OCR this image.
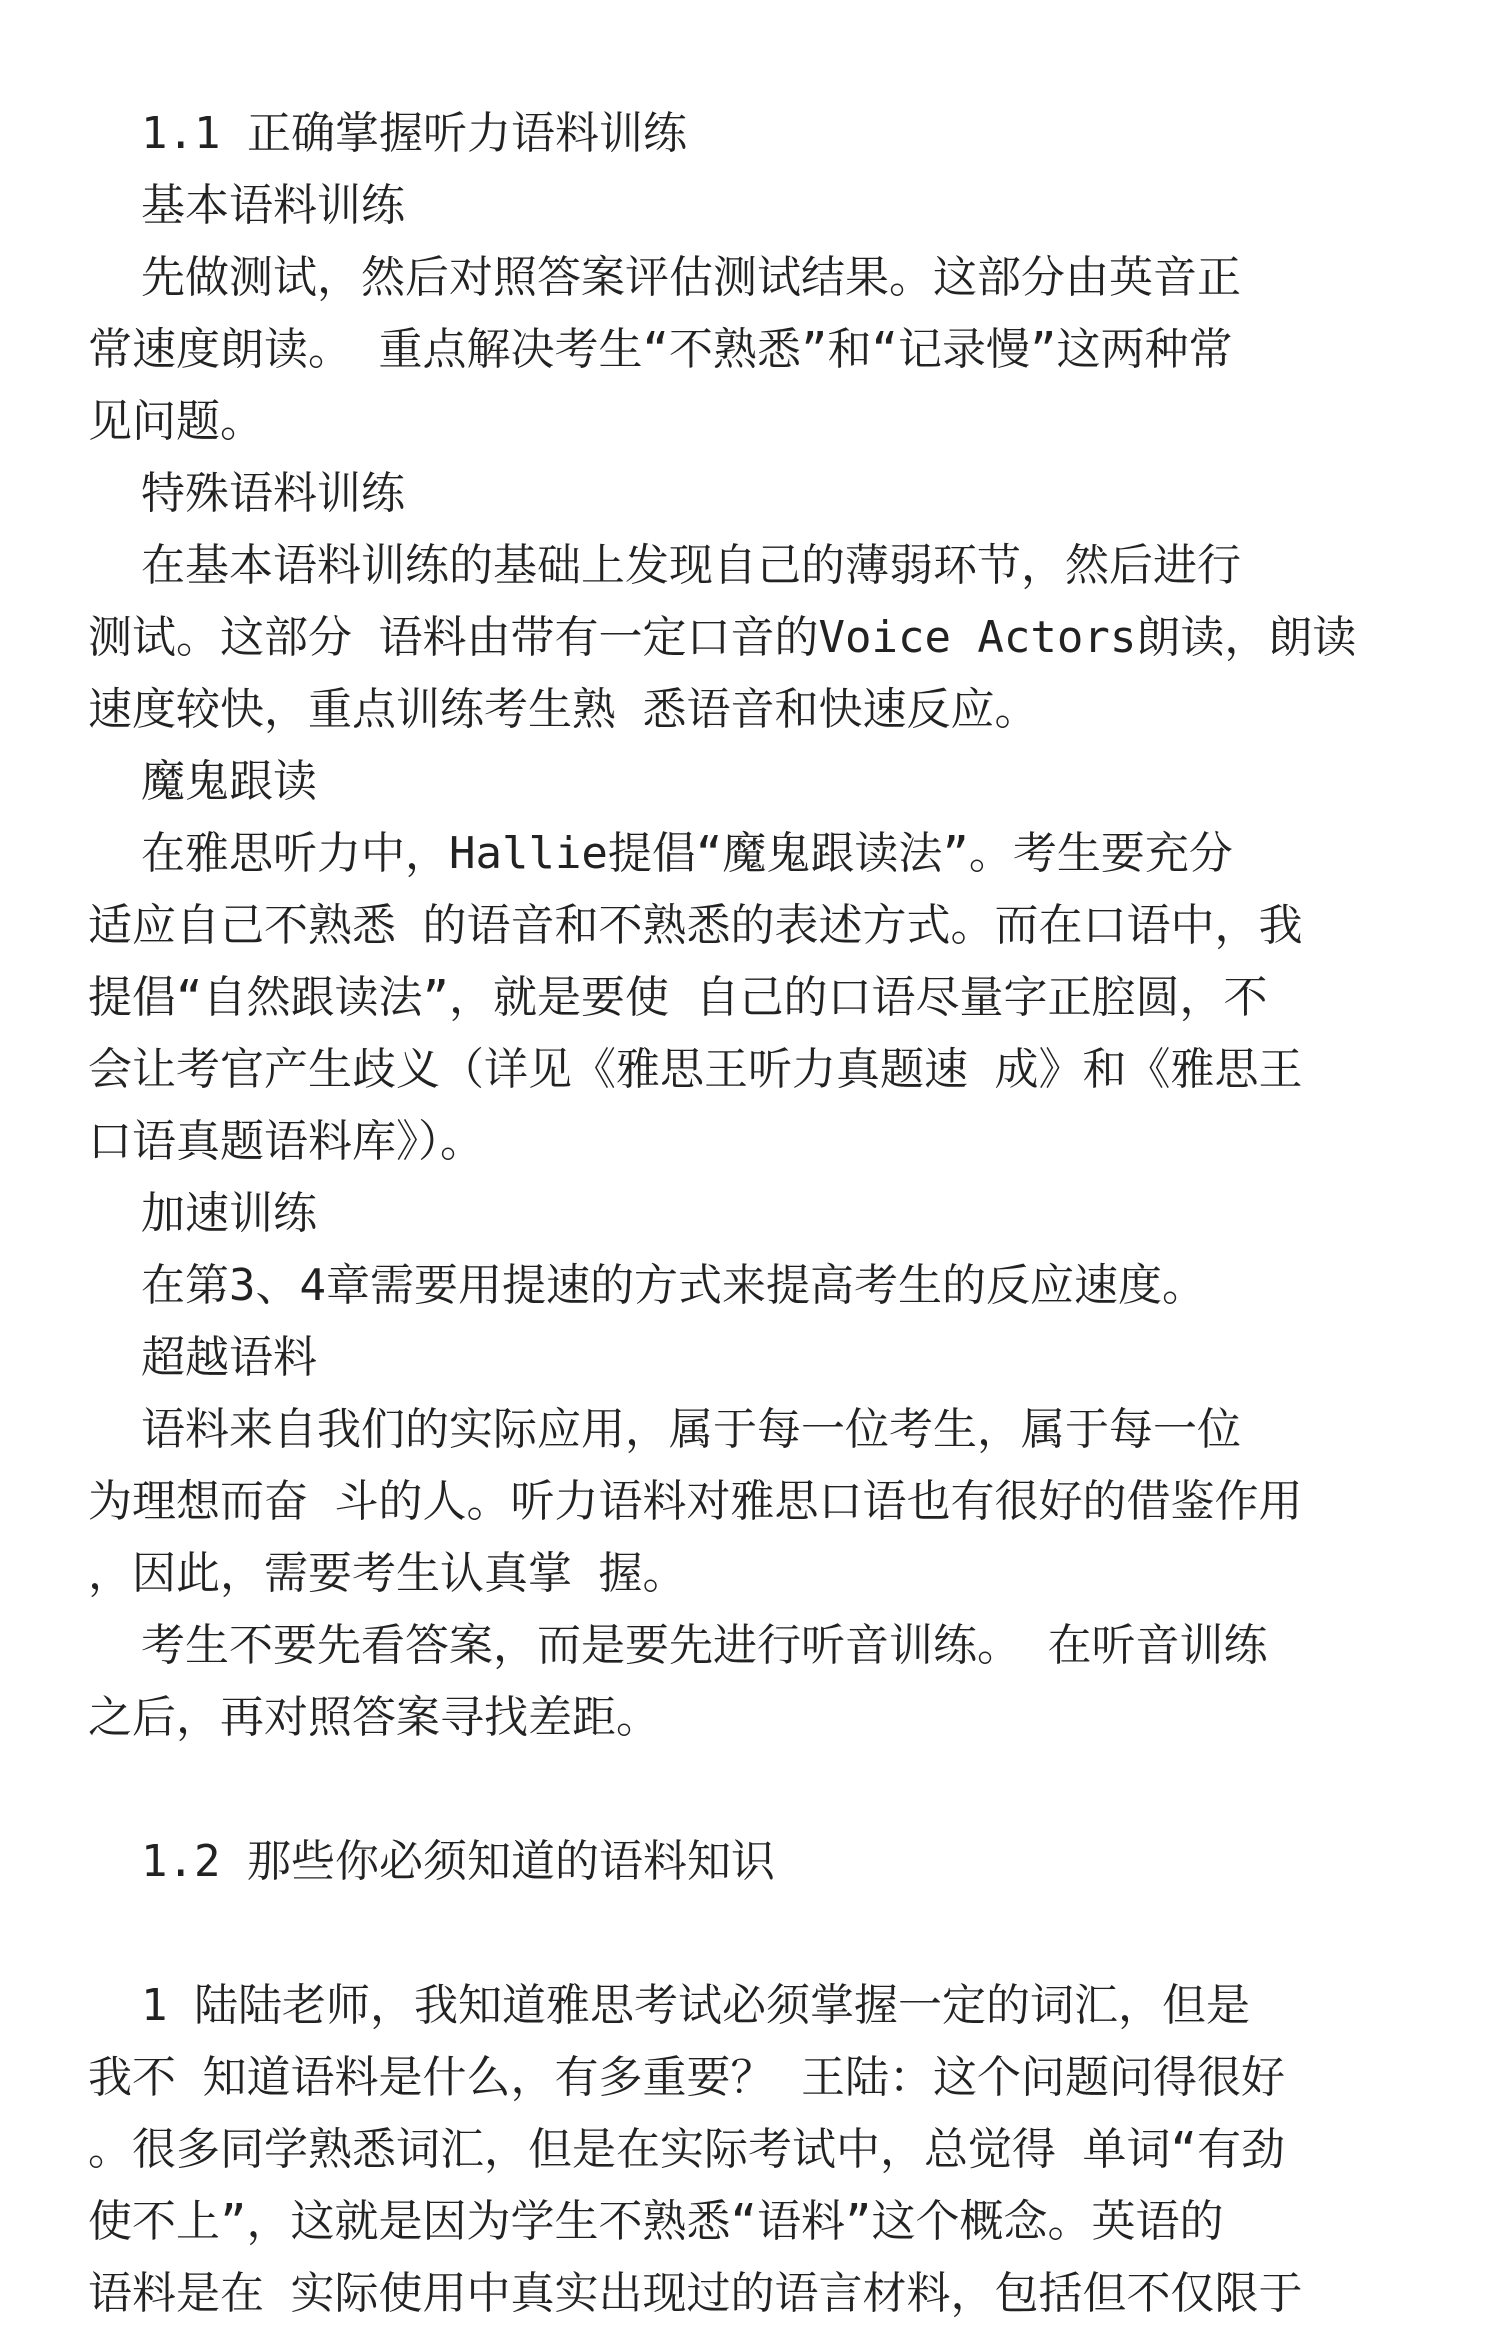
1.1 正确掌握听力语料训练
基本语料训练
先做测试，然后对照答案评估测试结果。这部分由英音正
常速度朗读。 重点解决考生“不熟悉”和“记录慢”这两种常
见问题。
特殊语料训练
在基本语料训练的基础上发现自己的薄弱环节，然后进行
测试。这部分 语料由带有一定口音的Voice Actors朗读，朗读
速度较快，重点训练考生熟 悉语音和快速反应。
魔鬼跟读
在雅思听力中，Hallie提倡“魔鬼跟读法”。考生要充分
适应自己不熟悉 的语音和不熟悉的表述方式。而在口语中，我
提倡“自然跟读法”，就是要使 自己的口语尽量字正腔圆，不
会让考官产生歧义（详见《雅思王听力真题速 成》和《雅思王
口语真题语料库》）。
加速训练
在第3、4章需要用提速的方式来提高考生的反应速度。
超越语料
语料来自我们的实际应用，属于每一位考生，属于每一位
为理想而奋 斗的人。听力语料对雅思口语也有很好的借鉴作用
，因此，需要考生认真掌 握。
考生不要先看答案，而是要先进行听音训练。 在听音训练
之后，再对照答案寻找差距。
1.2 那些你必须知道的语料知识
1 陆陆老师，我知道雅思考试必须掌握一定的词汇，但是
我不 知道语料是什么，有多重要？ 王陆：这个问题问得很好
。很多同学熟悉词汇，但是在实际考试中，总觉得 单词“有劲
使不上”，这就是因为学生不熟悉“语料”这个概念。英语的
语料是在 实际使用中真实出现过的语言材料，包括但不仅限于
